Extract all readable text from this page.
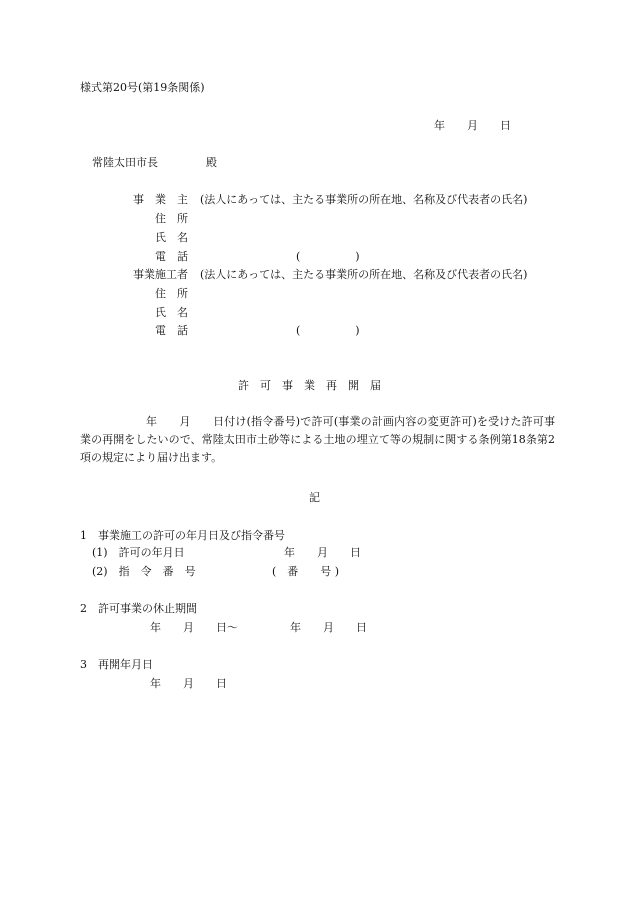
様式第20号(第19条関係)
年　　月　　日
常陸太田市長	殿
事　業　主 (法人にあっては、主たる事業所の所在地、名称及び代表者の氏名)
住　所
氏　名
電　話	(　　　　　)
事業施工者 (法人にあっては、主たる事業所の所在地、名称及び代表者の氏名)
住　所
氏　名
電　話	(　　　　　)
許　可　事　業　再　開　届
年　　月　　日付け(指令番号)で許可(事業の計画内容の変更許可)を受けた許可事業の再開をしたいので、常陸太田市土砂等による土地の埋立て等の規制に関する条例第18条第2項の規定により届け出ます。
記
1　事業施工の許可の年月日及び指令番号
(1)　許可の年月日	年　　月　　日
(2)　指　令　番　号	(　番　　号 )
2　許可事業の休止期間
年　　月　　日〜	年　　月　　日
3　再開年月日
年　　月　　日
